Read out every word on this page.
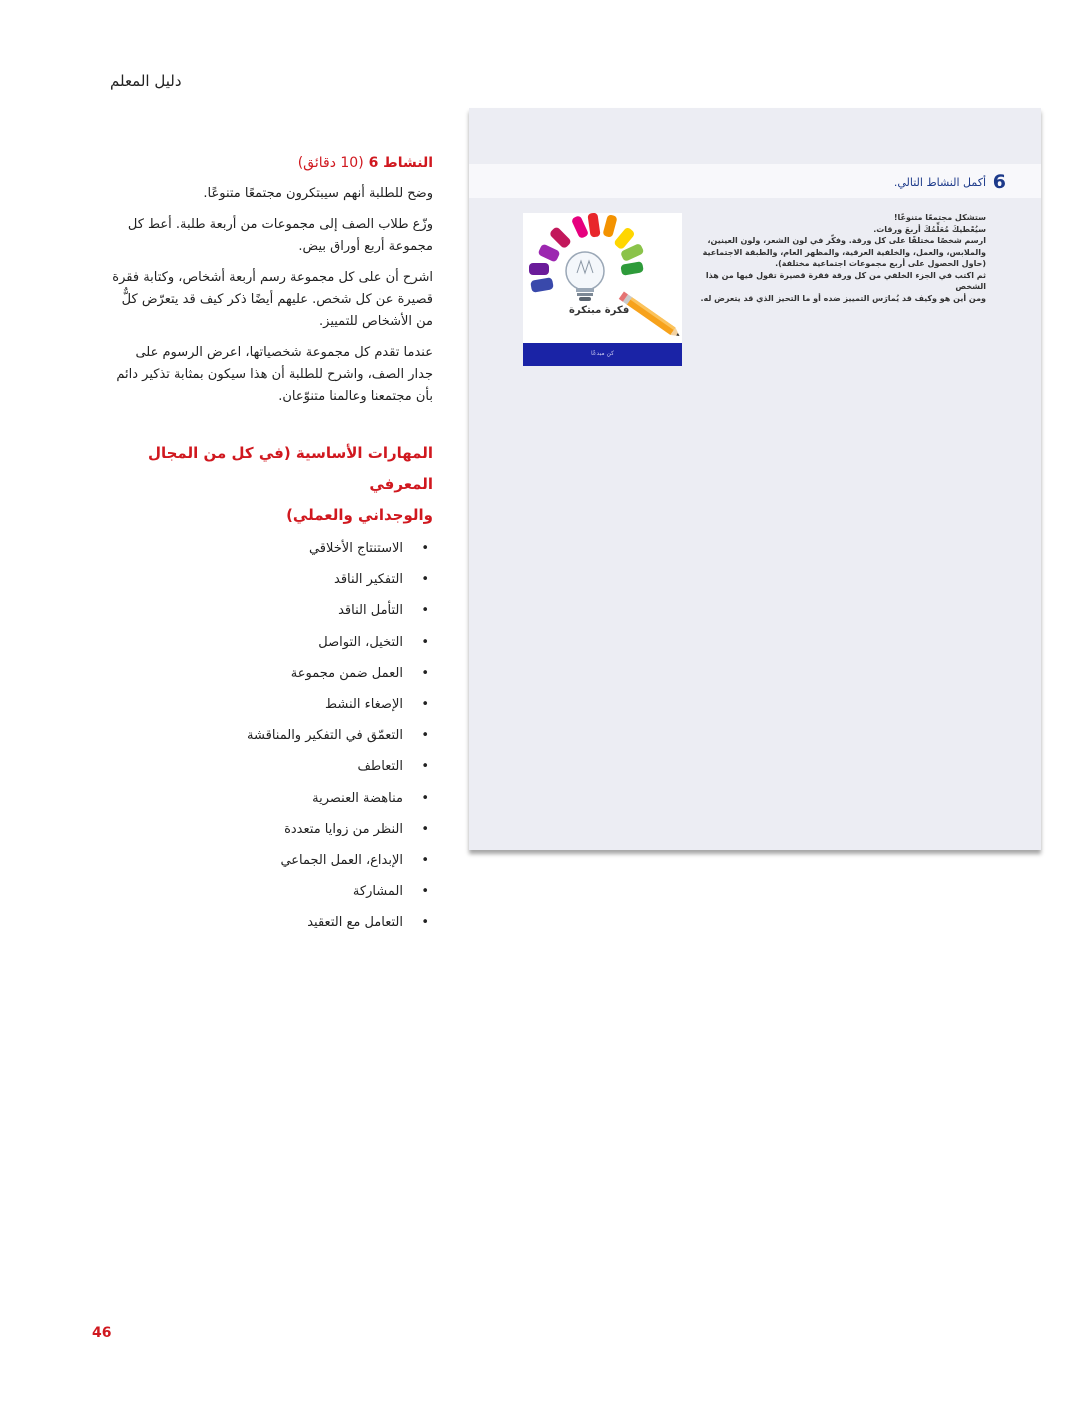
دليل المعلم
النشاط 6 (10 دقائق)

وضح للطلبة أنهم سيبتكرون مجتمعًا متنوعًا.

وزّع طلاب الصف إلى مجموعات من أربعة طلبة. أعط كل مجموعة أربع أوراق بيض.

اشرح أن على كل مجموعة رسم أربعة أشخاص، وكتابة فقرة قصيرة عن كل شخص. عليهم أيضًا ذكر كيف قد يتعرّض كلٌّ من الأشخاص للتمييز.

عندما تقدم كل مجموعة شخصياتها، اعرض الرسوم على جدار الصف، واشرح للطلبة أن هذا سيكون بمثابة تذكير دائم بأن مجتمعنا وعالمنا متنوّعان.

المهارات الأساسية (في كل من المجال المعرفي
والوجداني والعملي)
• الاستنتاج الأخلاقي
• التفكير الناقد
• التأمل الناقد
• التخيل، التواصل
• العمل ضمن مجموعة
• الإصغاء النشط
• التعمّق في التفكير والمناقشة
• التعاطف
• مناهضة العنصرية
• النظر من زوايا متعددة
• الإبداع، العمل الجماعي
• المشاركة
• التعامل مع التعقيد
6
أكمل النشاط التالي.

ستشكل مجتمعًا متنوعًا!

سيُعْطيكَ مُعَلِّمُكَ أربعَ ورقات.

ارسم شخصًا مختلفًا على كل ورقة. وفكّر في لون الشعر، ولون العينين،

والملابس، والعمل، والخلفية العرقية، والمظهر العام، والطبقة الاجتماعية

(حاول الحصول على أربع مجموعات اجتماعية مختلفة).

ثم اكتب في الجزء الخلفي من كل ورقة فقرة قصيرة تقول فيها من هذا الشخص

ومن أين هو وكيف قد يُمارَس التمييز ضده أو ما التحيز الذي قد يتعرض له.

فكرة مبتكرة
كن مبدعًا
46
